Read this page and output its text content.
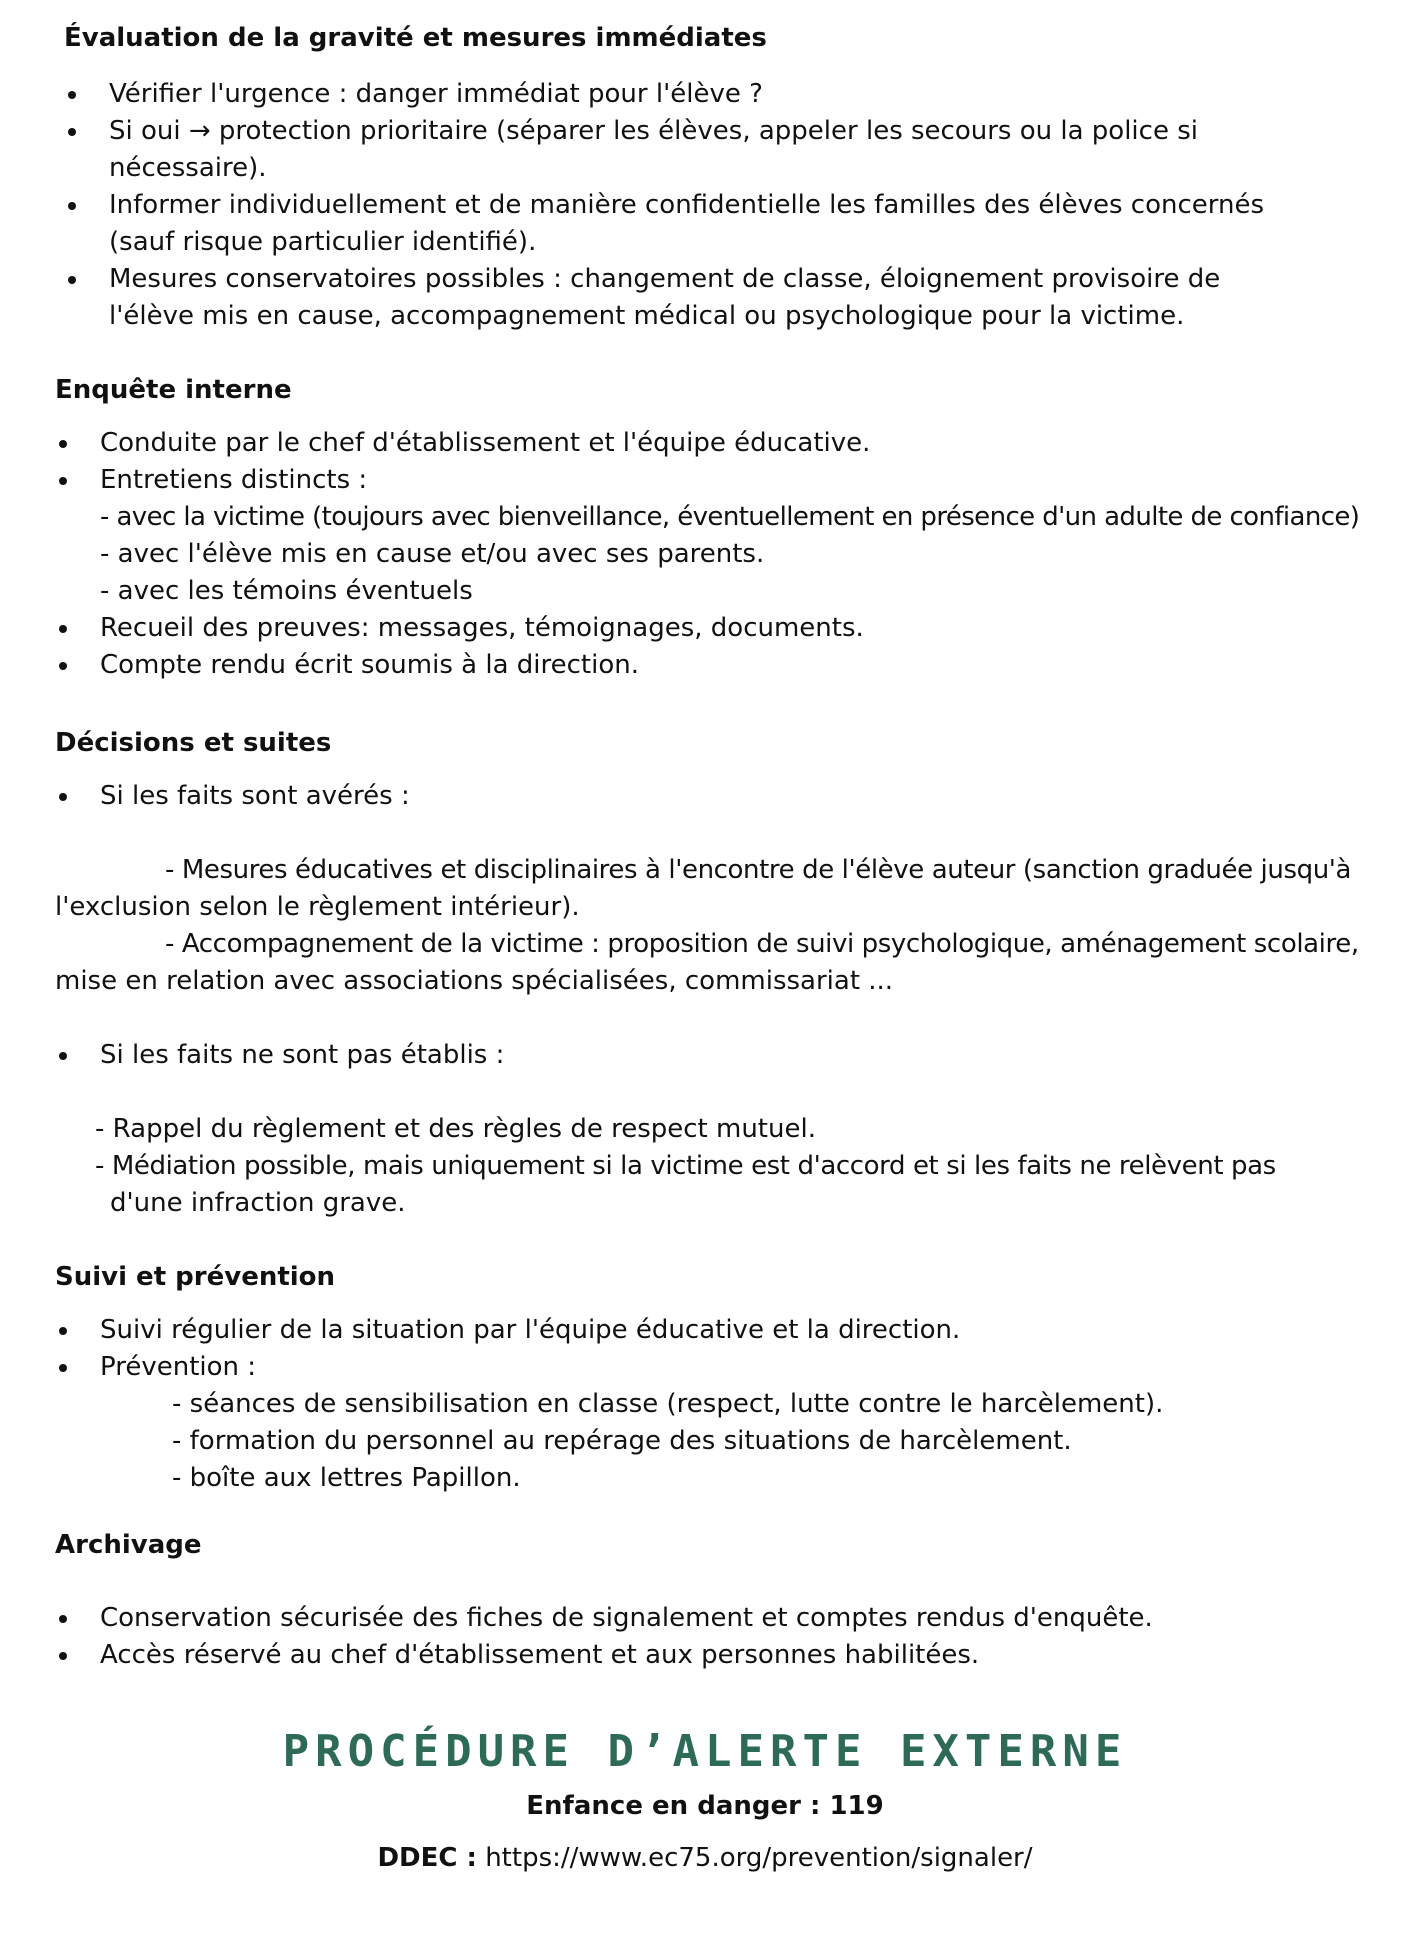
Évaluation de la gravité et mesures immédiates
Vérifier l'urgence : danger immédiat pour l'élève ?
Si oui → protection prioritaire (séparer les élèves, appeler les secours ou la police si nécessaire).
Informer individuellement et de manière confidentielle les familles des élèves concernés (sauf risque particulier identifié).
Mesures conservatoires possibles : changement de classe, éloignement provisoire de l'élève mis en cause, accompagnement médical ou psychologique pour la victime.
Enquête interne
Conduite par le chef d'établissement et l'équipe éducative.
Entretiens distincts :
- avec la victime (toujours avec bienveillance, éventuellement en présence d'un adulte de confiance)
- avec l'élève mis en cause et/ou avec ses parents.
- avec les témoins éventuels
Recueil des preuves: messages, témoignages, documents.
Compte rendu écrit soumis à la direction.
Décisions et suites
Si les faits sont avérés :

- Mesures éducatives et disciplinaires à l'encontre de l'élève auteur (sanction graduée jusqu'à
l'exclusion selon le règlement intérieur).
- Accompagnement de la victime : proposition de suivi psychologique, aménagement scolaire,
mise en relation avec associations spécialisées, commissariat ...

Si les faits ne sont pas établis :

- Rappel du règlement et des règles de respect mutuel.
- Médiation possible, mais uniquement si la victime est d'accord et si les faits ne relèvent pas
d'une infraction grave.

Suivi et prévention
Suivi régulier de la situation par l'équipe éducative et la direction.
Prévention :
- séances de sensibilisation en classe (respect, lutte contre le harcèlement).
- formation du personnel au repérage des situations de harcèlement.
- boîte aux lettres Papillon.
Archivage
Conservation sécurisée des fiches de signalement et comptes rendus d'enquête.
Accès réservé au chef d'établissement et aux personnes habilitées.
PROCÉDURE D’ALERTE EXTERNE
Enfance en danger : 119
DDEC : https://www.ec75.org/prevention/signaler/
